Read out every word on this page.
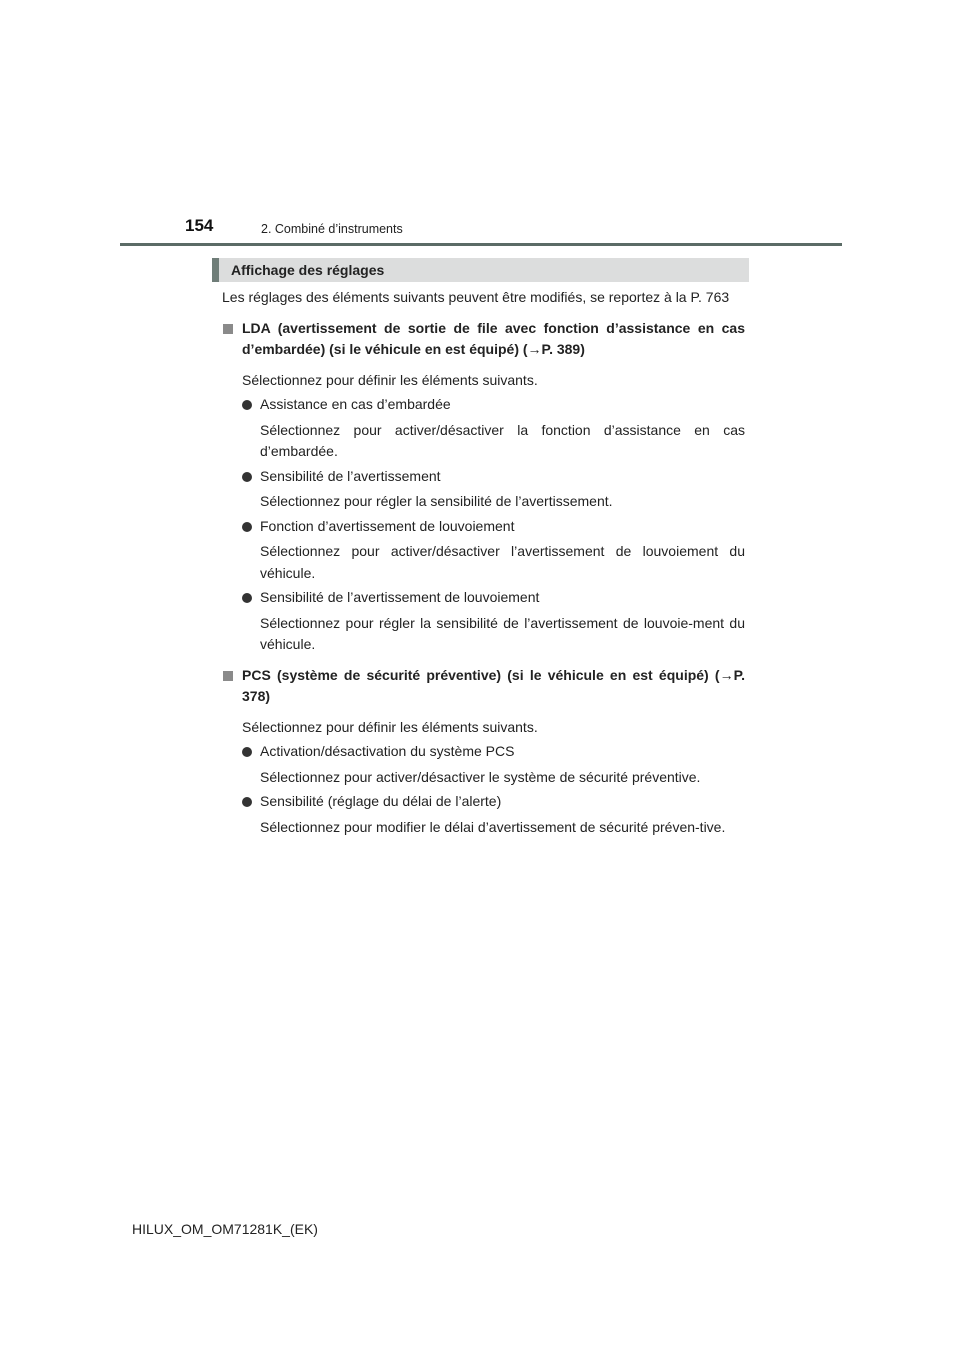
154	2. Combiné d’instruments
Affichage des réglages

Les réglages des éléments suivants peuvent être modifiés, se reportez à la P. 763

LDA (avertissement de sortie de file avec fonction d’assistance en cas d’embardée) (si le véhicule en est équipé) (→P. 389)

Sélectionnez pour définir les éléments suivants.

Assistance en cas d’embardée

Sélectionnez pour activer/désactiver la fonction d’assistance en cas d’embardée.

Sensibilité de l’avertissement

Sélectionnez pour régler la sensibilité de l’avertissement.

Fonction d’avertissement de louvoiement

Sélectionnez pour activer/désactiver l’avertissement de louvoiement du véhicule.

Sensibilité de l’avertissement de louvoiement

Sélectionnez pour régler la sensibilité de l’avertissement de louvoie-ment du véhicule.

PCS (système de sécurité préventive) (si le véhicule en est équipé) (→P. 378)

Sélectionnez pour définir les éléments suivants.

Activation/désactivation du système PCS

Sélectionnez pour activer/désactiver le système de sécurité préventive.

Sensibilité (réglage du délai de l’alerte)

Sélectionnez pour modifier le délai d’avertissement de sécurité préven-tive.

HILUX_OM_OM71281K_(EK)
